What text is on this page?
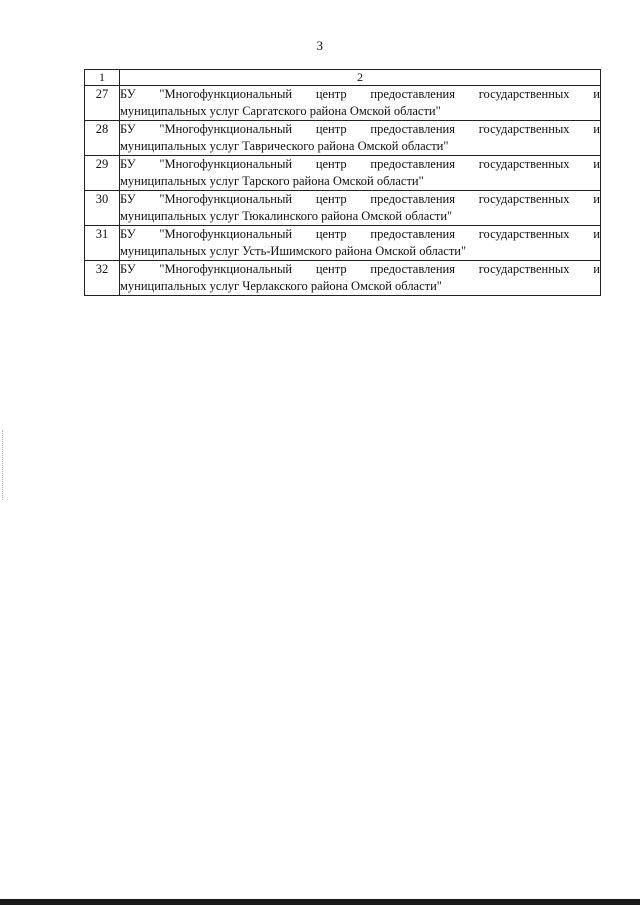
3
1	2
27	БУ "Многофункциональный центр предоставления государственных и
муниципальных услуг Саргатского района Омской области"

28	БУ "Многофункциональный центр предоставления государственных и
муниципальных услуг Таврического района Омской области"

29	БУ "Многофункциональный центр предоставления государственных и
муниципальных услуг Тарского района Омской области"

30	БУ "Многофункциональный центр предоставления государственных и
муниципальных услуг Тюкалинского района Омской области"

31	БУ "Многофункциональный центр предоставления государственных и
муниципальных услуг Усть-Ишимского района Омской области"

32	БУ "Многофункциональный центр предоставления государственных и
муниципальных услуг Черлакского района Омской области"
